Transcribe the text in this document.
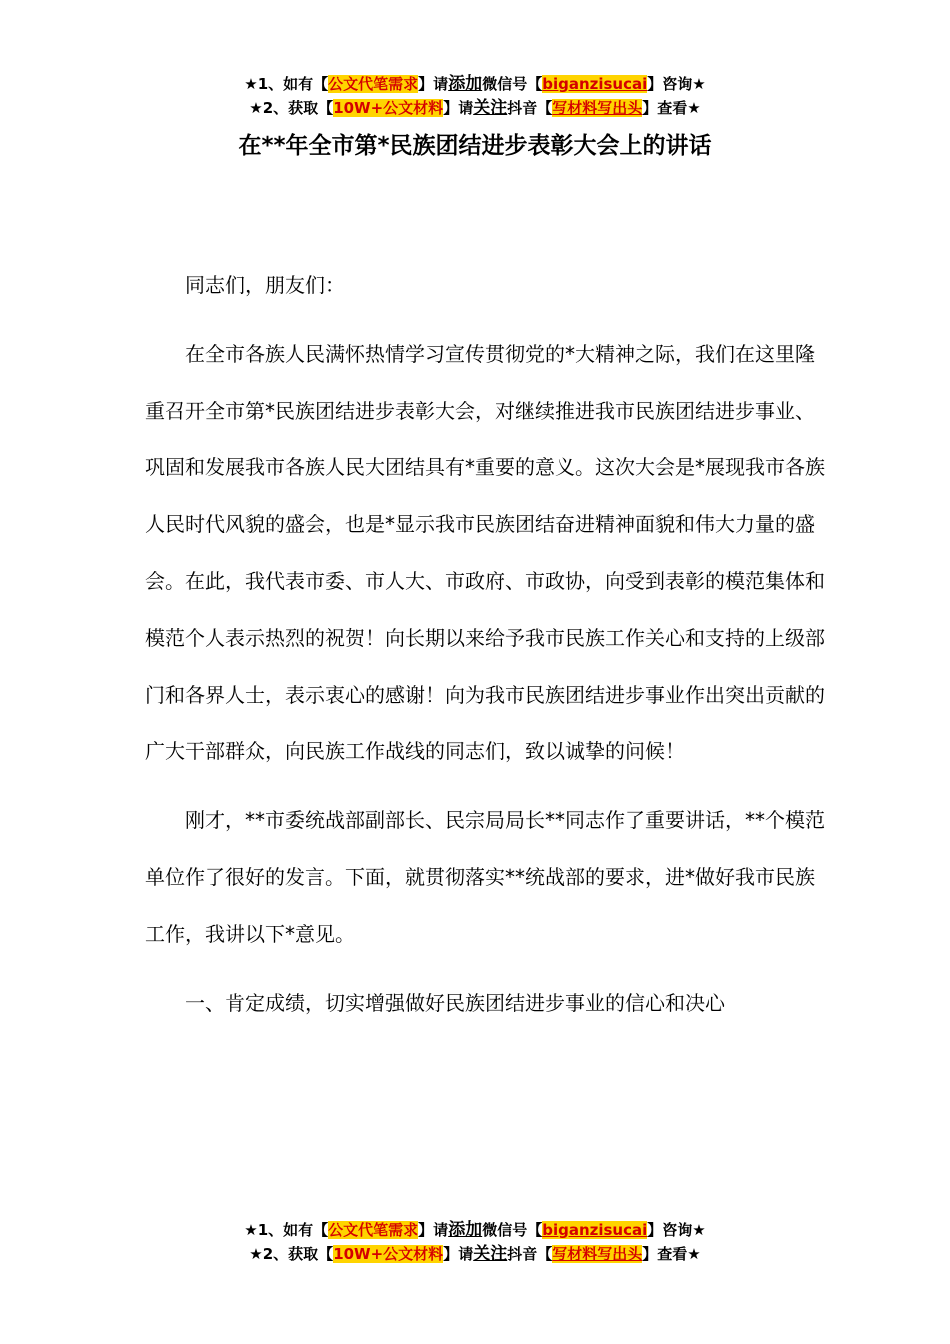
★1、如有【公文代笔需求】请添加微信号【biganzisucai】咨询★
★2、获取【10W+公文材料】请关注抖音【写材料写出头】查看★
在**年全市第*民族团结进步表彰大会上的讲话

同志们，朋友们：

在全市各族人民满怀热情学习宣传贯彻党的*大精神之际，我们在这里隆重召开全市第*民族团结进步表彰大会，对继续推进我市民族团结进步事业、巩固和发展我市各族人民大团结具有*重要的意义。这次大会是*展现我市各族人民时代风貌的盛会，也是*显示我市民族团结奋进精神面貌和伟大力量的盛会。在此，我代表市委、市人大、市政府、市政协，向受到表彰的模范集体和模范个人表示热烈的祝贺！向长期以来给予我市民族工作关心和支持的上级部门和各界人士，表示衷心的感谢！向为我市民族团结进步事业作出突出贡献的广大干部群众，向民族工作战线的同志们，致以诚挚的问候！

刚才，**市委统战部副部长、民宗局局长**同志作了重要讲话，**个模范单位作了很好的发言。下面，就贯彻落实**统战部的要求，进*做好我市民族工作，我讲以下*意见。

一、肯定成绩，切实增强做好民族团结进步事业的信心和决心

★1、如有【公文代笔需求】请添加微信号【biganzisucai】咨询★
★2、获取【10W+公文材料】请关注抖音【写材料写出头】查看★
